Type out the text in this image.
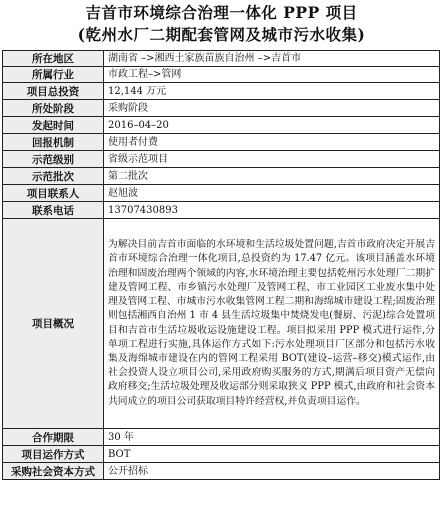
吉首市环境综合治理一体化 PPP 项目
(乾州水厂二期配套管网及城市污水收集)
所在地区	湖南省 –>湘西土家族苗族自治州 –>吉首市
所属行业	市政工程–>管网
项目总投资	12,144 万元
所处阶段	采购阶段
发起时间	2016–04–20
回报机制	使用者付费
示范级别	省级示范项目
示范批次	第二批次
项目联系人	赵旭波
联系电话	13707430893
项目概况	为解决目前吉首市面临的水环境和生活垃圾处置问题,吉首市政府决定开展吉首市环境综合治理一体化项目,总投资约为 17.47 亿元。该项目涵盖水环境治理和固废治理两个领域的内容,水环境治理主要包括乾州污水处理厂二期扩建及管网工程、市乡镇污水处理厂及管网工程、市工业园区工业废水集中处理及管网工程、市城市污水收集管网工程二期和海绵城市建设工程;固废治理则包括湘西自治州 1 市 4 县生活垃圾集中焚烧发电(餐厨、污泥)综合处置项目和吉首市生活垃圾收运设施建设工程。项目拟采用 PPP 模式进行运作,分单项工程进行实施,具体运作方式如下:污水处理项目厂区部分和包括污水收集及海绵城市建设在内的管网工程采用 BOT(建设–运营–移交)模式运作,由社会投资人设立项目公司,采用政府购买服务的方式,期满后项目资产无偿向政府移交;生活垃圾处理及收运部分则采取狭义 PPP 模式,由政府和社会资本共同成立的项目公司获取项目特许经营权,并负责项目运作。
合作期限	30 年
项目运作方式	BOT
采购社会资本方式	公开招标
